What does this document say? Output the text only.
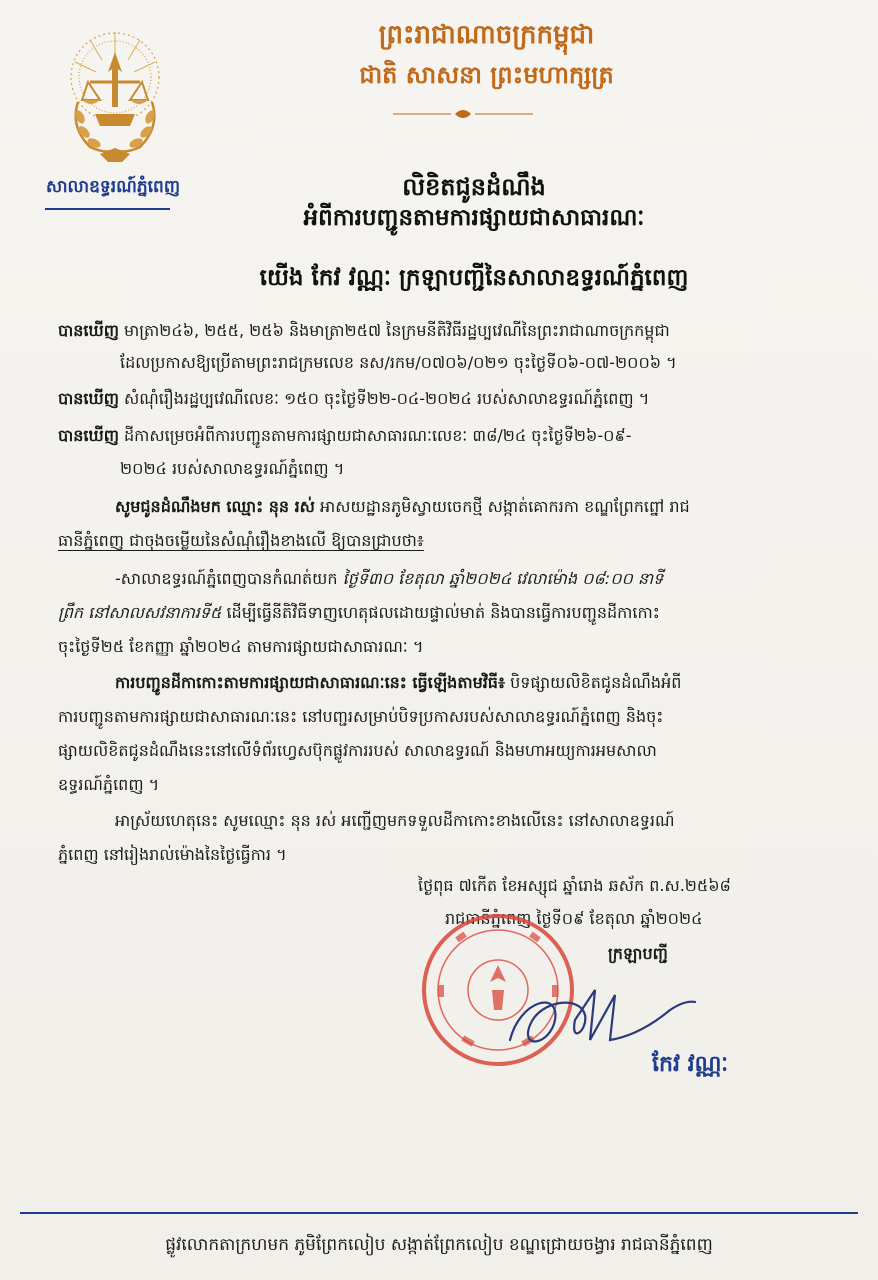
សាលាឧទ្ធរណ៍ភ្នំពេញ
ព្រះរាជាណាចក្រកម្ពុជា
ជាតិ សាសនា ព្រះមហាក្សត្រ
លិខិតជូនដំណឹង
អំពីការបញ្ជូនតាមការផ្សាយជាសាធារណៈ
យើង កែវ វណ្ណៈ ក្រឡាបញ្ជីនៃសាលាឧទ្ធរណ៍ភ្នំពេញ
បានឃើញ មាត្រា២៤៦, ២៥៥, ២៥៦ និងមាត្រា២៥៧ នៃក្រមនីតិវិធីរដ្ឋប្បវេណីនៃព្រះរាជាណាចក្រកម្ពុជា
ដែលប្រកាសឱ្យប្រើតាមព្រះរាជក្រមលេខ នស/រកម/០៧០៦/០២១ ចុះថ្ងៃទី០៦-០៧-២០០៦ ។
បានឃើញ សំណុំរឿងរដ្ឋប្បវេណីលេខៈ ១៥០ ចុះថ្ងៃទី២២-០៤-២០២៤ របស់សាលាឧទ្ធរណ៍ភ្នំពេញ ។
បានឃើញ ដីកាសម្រេចអំពីការបញ្ជូនតាមការផ្សាយជាសាធារណៈលេខៈ ៣៨/២៤ ចុះថ្ងៃទី២៦-០៩-
២០២៤ របស់សាលាឧទ្ធរណ៍ភ្នំពេញ ។
សូមជូនដំណឹងមក ឈ្មោះ នុន រស់ អាសយដ្ឋានភូមិស្វាយចេកថ្មី សង្កាត់គោករកា ខណ្ឌព្រែកព្នៅ រាជ
ធានីភ្នំពេញ ជាចុងចម្លើយនៃសំណុំរឿងខាងលើ ឱ្យបានជ្រាបថា៖
-សាលាឧទ្ធរណ៍ភ្នំពេញបានកំណត់យក ថ្ងៃទី៣០ ខែតុលា ឆ្នាំ២០២៤ វេលាម៉ោង ០៨:០០ នាទី
ព្រឹក នៅសាលសវនាការទី៥ ដើម្បីធ្វើនីតិវិធីទាញហេតុផលដោយផ្ទាល់មាត់ និងបានធ្វើការបញ្ជូនដីកាកោះ
ចុះថ្ងៃទី២៥ ខែកញ្ញា ឆ្នាំ២០២៤ តាមការផ្សាយជាសាធារណៈ ។
ការបញ្ជូនដីកាកោះតាមការផ្សាយជាសាធារណៈនេះ ធ្វើឡើងតាមវិធី៖ បិទផ្សាយលិខិតជូនដំណឹងអំពី
ការបញ្ជូនតាមការផ្សាយជាសាធារណៈនេះ នៅបញ្ជរសម្រាប់បិទប្រកាសរបស់សាលាឧទ្ធរណ៍ភ្នំពេញ និងចុះ
ផ្សាយលិខិតជូនដំណឹងនេះនៅលើទំព័រហ្វេសប៊ុកផ្លូវការរបស់ សាលាឧទ្ធរណ៍ និងមហាអយ្យការអមសាលា
ឧទ្ធរណ៍ភ្នំពេញ ។
អាស្រ័យហេតុនេះ សូមឈ្មោះ នុន រស់ អញ្ជើញមកទទួលដីកាកោះខាងលើនេះ នៅសាលាឧទ្ធរណ៍
ភ្នំពេញ នៅរៀងរាល់ម៉ោងនៃថ្ងៃធ្វើការ ។
ថ្ងៃពុធ ៧កើត ខែអស្សុជ ឆ្នាំរោង ឆស័ក ព.ស.២៥៦៨
រាជធានីភ្នំពេញ ថ្ងៃទី០៩ ខែតុលា ឆ្នាំ២០២៤
ក្រឡាបញ្ជី
កែវ វណ្ណៈ
ផ្លូវលោកតាក្រហមក ភូមិព្រែកលៀប សង្កាត់ព្រែកលៀប ខណ្ឌជ្រោយចង្វារ រាជធានីភ្នំពេញ
